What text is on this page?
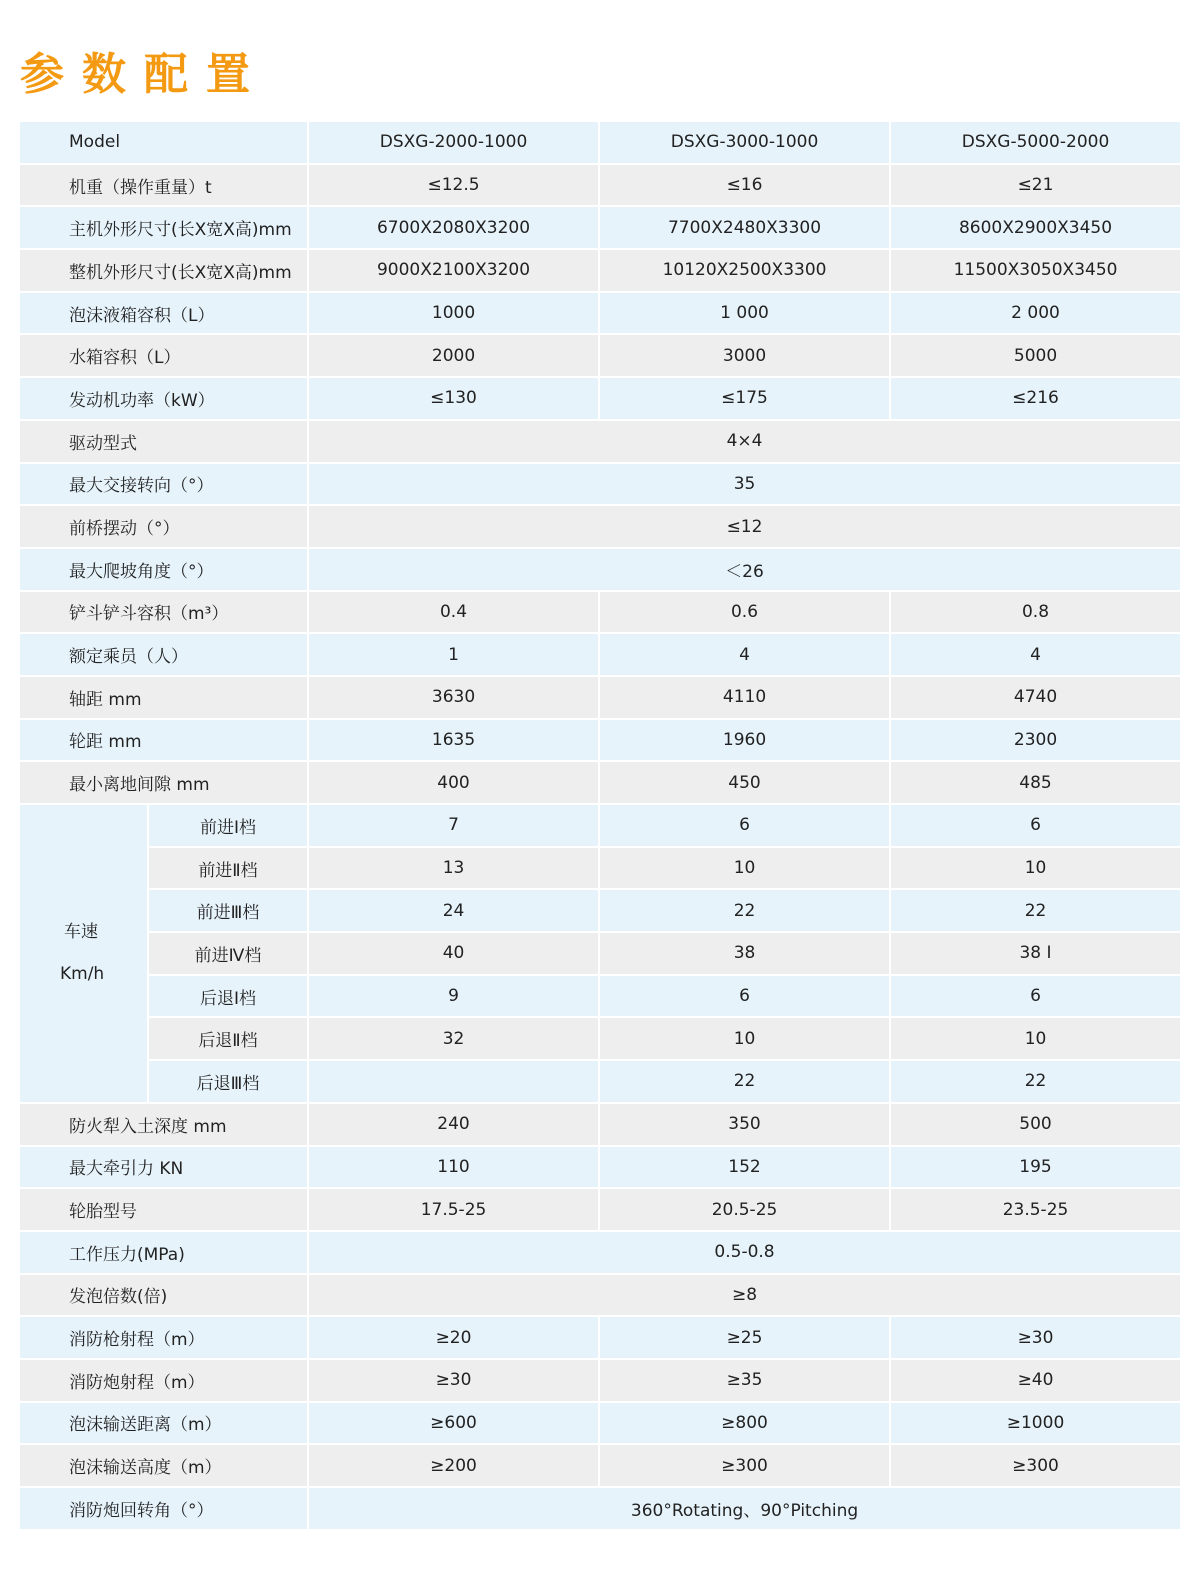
参数配置
Model		DSXG-2000-1000	DSXG-3000-1000	DSXG-5000-2000
机重（操作重量）t		≤12.5	≤16	≤21
主机外形尺寸(长X宽X高)mm		6700X2080X3200	7700X2480X3300	8600X2900X3450
整机外形尺寸(长X宽X高)mm		9000X2100X3200	10120X2500X3300	11500X3050X3450
泡沫液箱容积（L）		1000	1 000	2 000
水箱容积（L）		2000	3000	5000
发动机功率（kW）		≤130	≤175	≤216
驱动型式		4×4		
最大交接转向（°）		35		
前桥摆动（°）		≤12		
最大爬坡角度（°）		＜26		
铲斗铲斗容积（m³）		0.4	0.6	0.8
额定乘员（人）		1	4	4
轴距 mm		3630	4110	4740
轮距 mm		1635	1960	2300
最小离地间隙 mm		400	450	485

车速
Km/h	前进Ⅰ档	7	6	6
	前进Ⅱ档	13	10	10
	前进Ⅲ档	24	22	22
	前进Ⅳ档	40	38	38 I
	后退Ⅰ档	9	6	6
	后退Ⅱ档	32	10	10
	后退Ⅲ档		22	22
防火犁入土深度 mm		240	350	500
最大牵引力 KN		110	152	195
轮胎型号		17.5-25	20.5-25	23.5-25
工作压力(MPa)		0.5-0.8		
发泡倍数(倍)		≥8		
消防枪射程（m）		≥20	≥25	≥30
消防炮射程（m）		≥30	≥35	≥40
泡沫输送距离（m）		≥600	≥800	≥1000
泡沫输送高度（m）		≥200	≥300	≥300
消防炮回转角（°）		360°Rotating、90°Pitching		
